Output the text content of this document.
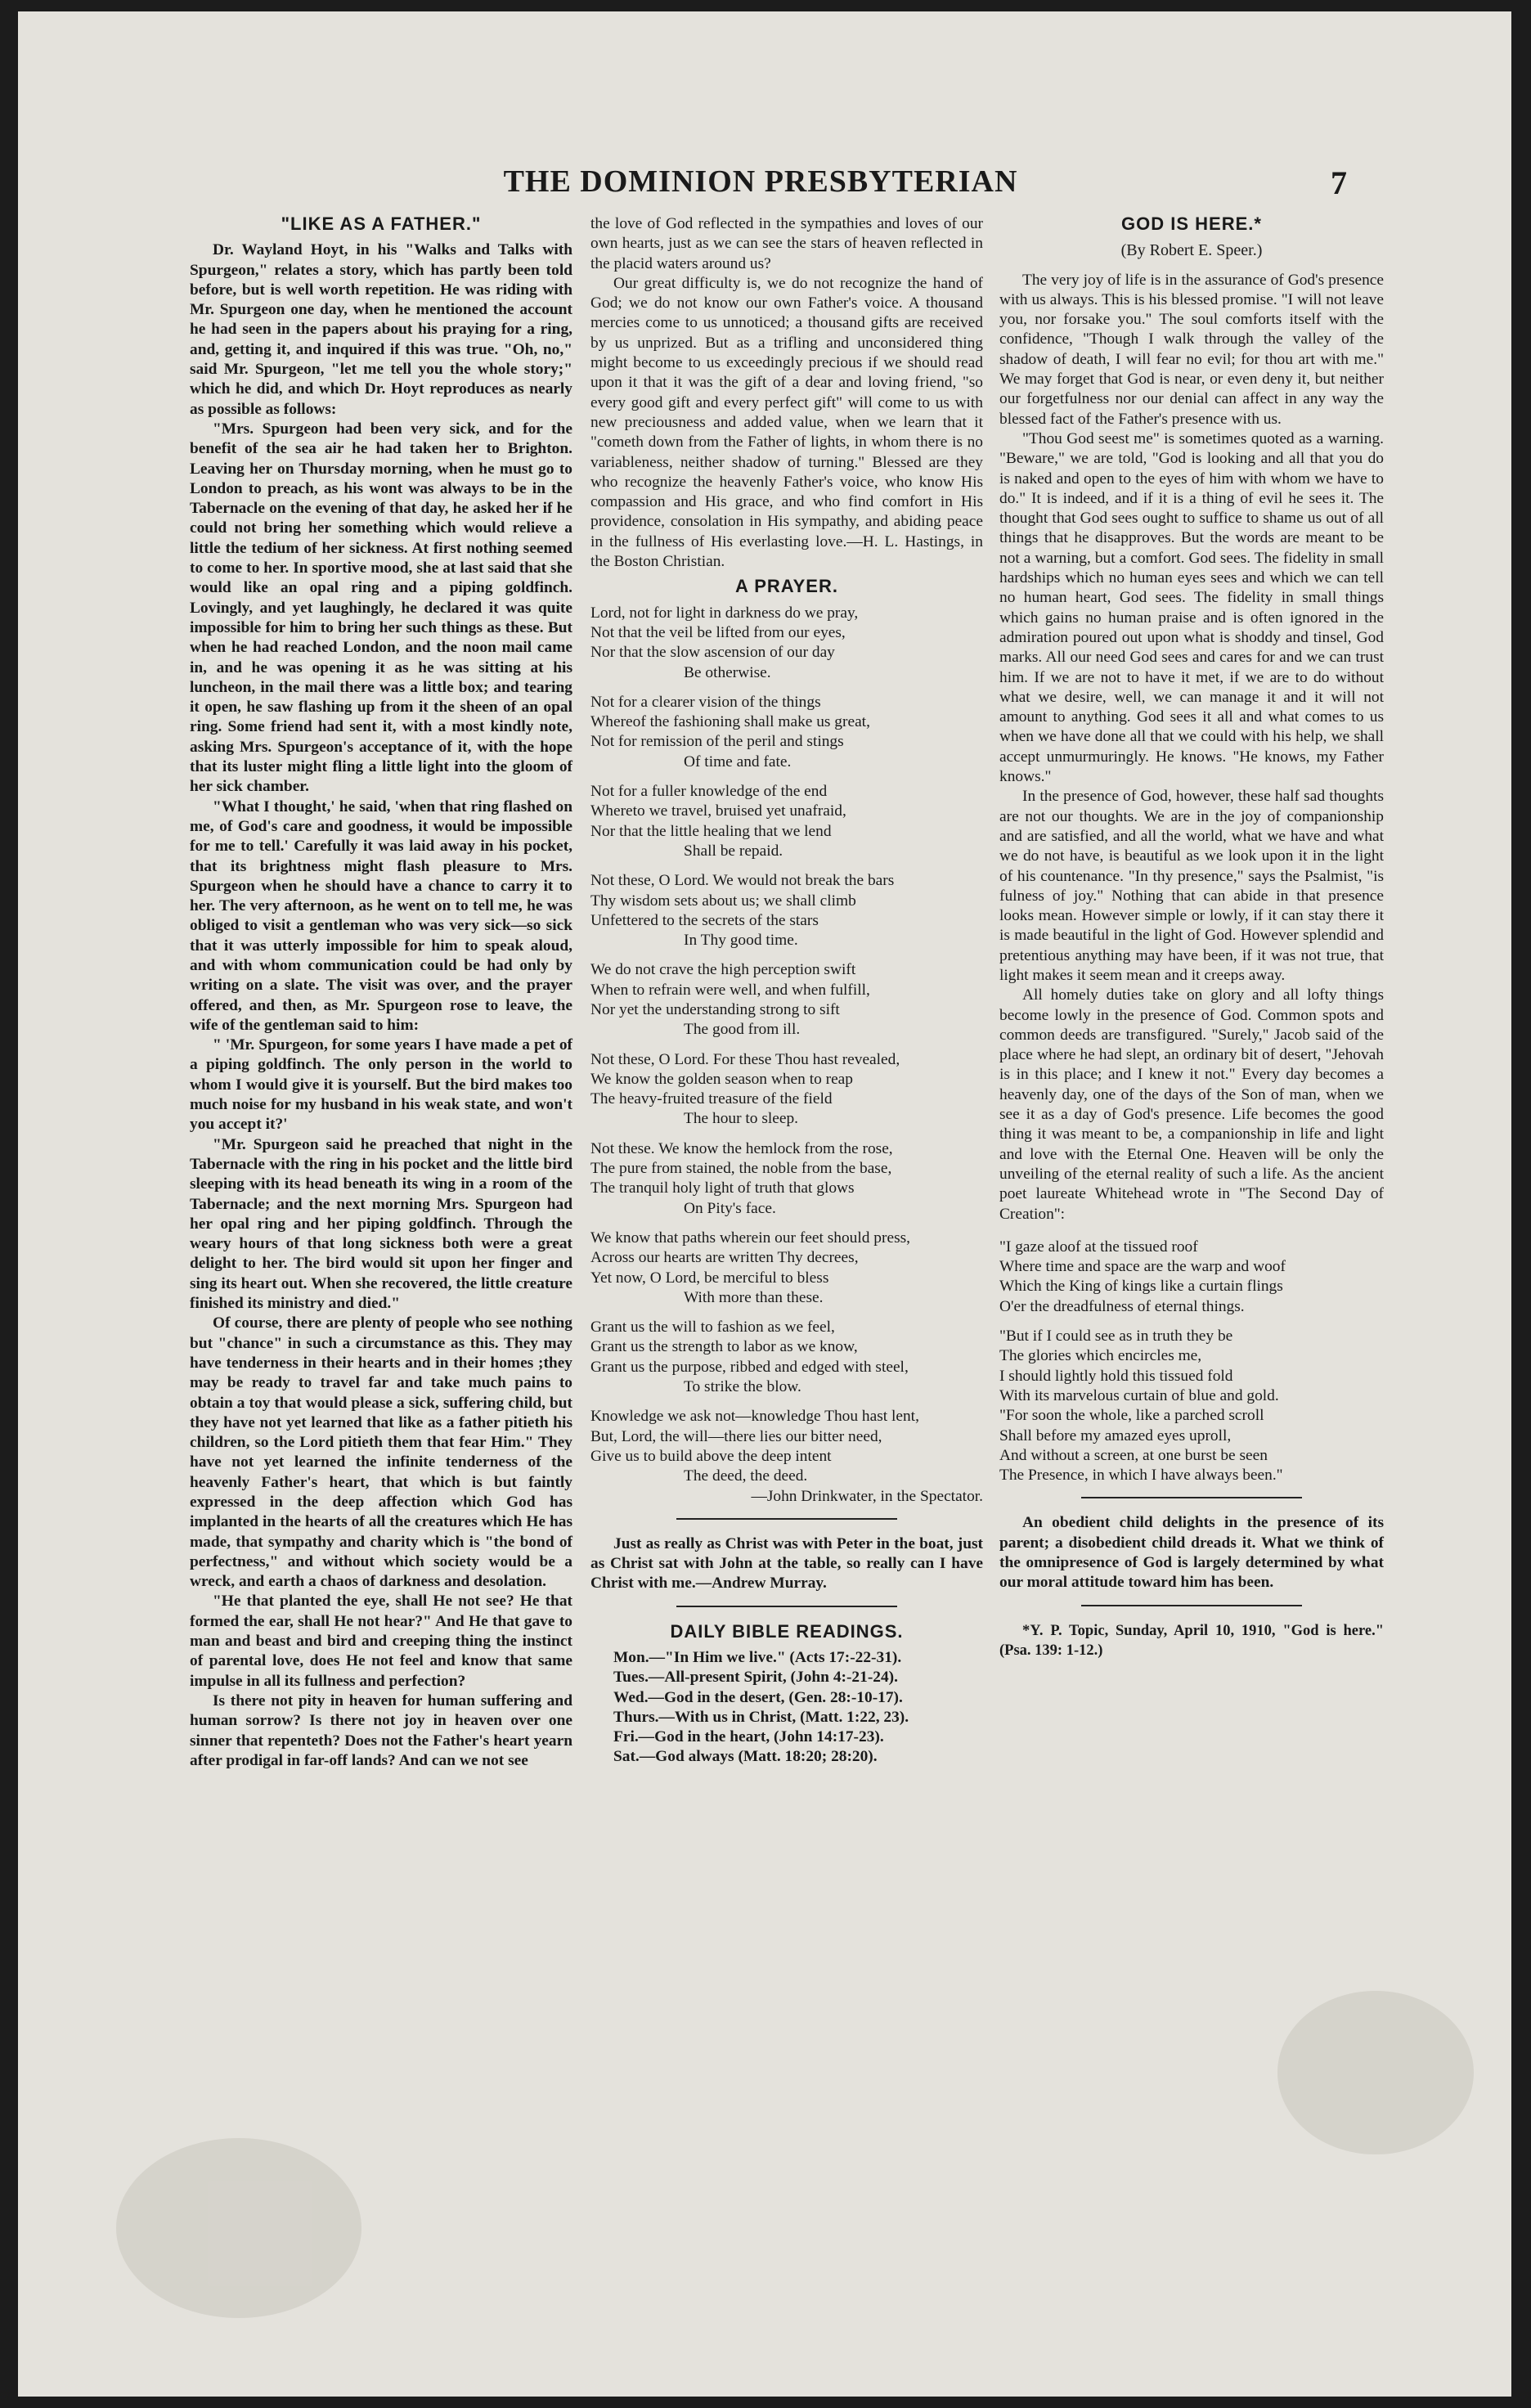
THE DOMINION PRESBYTERIAN	7
"LIKE AS A FATHER."

Dr. Wayland Hoyt, in his "Walks and Talks with Spurgeon," relates a story, which has partly been told before, but is well worth repetition. He was riding with Mr. Spurgeon one day, when he mentioned the account he had seen in the papers about his praying for a ring, and, getting it, and inquired if this was true. "Oh, no," said Mr. Spurgeon, "let me tell you the whole story;" which he did, and which Dr. Hoyt reproduces as nearly as possible as follows:

"Mrs. Spurgeon had been very sick, and for the benefit of the sea air he had taken her to Brighton. Leaving her on Thursday morning, when he must go to London to preach, as his wont was always to be in the Tabernacle on the evening of that day, he asked her if he could not bring her something which would relieve a little the tedium of her sickness. At first nothing seemed to come to her. In sportive mood, she at last said that she would like an opal ring and a piping goldfinch. Lovingly, and yet laughingly, he declared it was quite impossible for him to bring her such things as these. But when he had reached London, and the noon mail came in, and he was opening it as he was sitting at his luncheon, in the mail there was a little box; and tearing it open, he saw flashing up from it the sheen of an opal ring. Some friend had sent it, with a most kindly note, asking Mrs. Spurgeon's acceptance of it, with the hope that its luster might fling a little light into the gloom of her sick chamber.

"What I thought,' he said, 'when that ring flashed on me, of God's care and goodness, it would be impossible for me to tell.' Carefully it was laid away in his pocket, that its brightness might flash pleasure to Mrs. Spurgeon when he should have a chance to carry it to her. The very afternoon, as he went on to tell me, he was obliged to visit a gentleman who was very sick—so sick that it was utterly impossible for him to speak aloud, and with whom communication could be had only by writing on a slate. The visit was over, and the prayer offered, and then, as Mr. Spurgeon rose to leave, the wife of the gentleman said to him:

" 'Mr. Spurgeon, for some years I have made a pet of a piping goldfinch. The only person in the world to whom I would give it is yourself. But the bird makes too much noise for my husband in his weak state, and won't you accept it?'

"Mr. Spurgeon said he preached that night in the Tabernacle with the ring in his pocket and the little bird sleeping with its head beneath its wing in a room of the Tabernacle; and the next morning Mrs. Spurgeon had her opal ring and her piping goldfinch. Through the weary hours of that long sickness both were a great delight to her. The bird would sit upon her finger and sing its heart out. When she recovered, the little creature finished its ministry and died."

Of course, there are plenty of people who see nothing but "chance" in such a circumstance as this. They may have tenderness in their hearts and in their homes ;they may be ready to travel far and take much pains to obtain a toy that would please a sick, suffering child, but they have not yet learned that like as a father pitieth his children, so the Lord pitieth them that fear Him." They have not yet learned the infinite tenderness of the heavenly Father's heart, that which is but faintly expressed in the deep affection which God has implanted in the hearts of all the creatures which He has made, that sympathy and charity which is "the bond of perfectness," and without which society would be a wreck, and earth a chaos of darkness and desolation.

"He that planted the eye, shall He not see? He that formed the ear, shall He not hear?" And He that gave to man and beast and bird and creeping thing the instinct of parental love, does He not feel and know that same impulse in all its fullness and perfection?

Is there not pity in heaven for human suffering and human sorrow? Is there not joy in heaven over one sinner that repenteth? Does not the Father's heart yearn after prodigal in far-off lands? And can we not see

the love of God reflected in the sympathies and loves of our own hearts, just as we can see the stars of heaven reflected in the placid waters around us?

Our great difficulty is, we do not recognize the hand of God; we do not know our own Father's voice. A thousand mercies come to us unnoticed; a thousand gifts are received by us unprized. But as a trifling and unconsidered thing might become to us exceedingly precious if we should read upon it that it was the gift of a dear and loving friend, "so every good gift and every perfect gift" will come to us with new preciousness and added value, when we learn that it "cometh down from the Father of lights, in whom there is no variableness, neither shadow of turning." Blessed are they who recognize the heavenly Father's voice, who know His compassion and His grace, and who find comfort in His providence, consolation in His sympathy, and abiding peace in the fullness of His everlasting love.—H. L. Hastings, in the Boston Christian.

A PRAYER.
Lord, not for light in darkness do we pray,
Not that the veil be lifted from our eyes,
Nor that the slow ascension of our day
Be otherwise.
Not for a clearer vision of the things
Whereof the fashioning shall make us great,
Not for remission of the peril and stings
Of time and fate.
Not for a fuller knowledge of the end
Whereto we travel, bruised yet unafraid,
Nor that the little healing that we lend
Shall be repaid.
Not these, O Lord. We would not break the bars
Thy wisdom sets about us; we shall climb
Unfettered to the secrets of the stars
In Thy good time.
We do not crave the high perception swift
When to refrain were well, and when fulfill,
Nor yet the understanding strong to sift
The good from ill.
Not these, O Lord. For these Thou hast revealed,
We know the golden season when to reap
The heavy-fruited treasure of the field
The hour to sleep.
Not these. We know the hemlock from the rose,
The pure from stained, the noble from the base,
The tranquil holy light of truth that glows
On Pity's face.
We know that paths wherein our feet should press,
Across our hearts are written Thy decrees,
Yet now, O Lord, be merciful to bless
With more than these.
Grant us the will to fashion as we feel,
Grant us the strength to labor as we know,
Grant us the purpose, ribbed and edged with steel,
To strike the blow.
Knowledge we ask not—knowledge Thou hast lent,
But, Lord, the will—there lies our bitter need,
Give us to build above the deep intent
The deed, the deed.
—John Drinkwater, in the Spectator.

Just as really as Christ was with Peter in the boat, just as Christ sat with John at the table, so really can I have Christ with me.—Andrew Murray.

DAILY BIBLE READINGS.

Mon.—"In Him we live." (Acts 17:-22-31).

Tues.—All-present Spirit, (John 4:-21-24).

Wed.—God in the desert, (Gen. 28:-10-17).

Thurs.—With us in Christ, (Matt. 1:22, 23).

Fri.—God in the heart, (John 14:17-23).

Sat.—God always (Matt. 18:20; 28:20).

GOD IS HERE.*
(By Robert E. Speer.)

The very joy of life is in the assurance of God's presence with us always. This is his blessed promise. "I will not leave you, nor forsake you." The soul comforts itself with the confidence, "Though I walk through the valley of the shadow of death, I will fear no evil; for thou art with me." We may forget that God is near, or even deny it, but neither our forgetfulness nor our denial can affect in any way the blessed fact of the Father's presence with us.

"Thou God seest me" is sometimes quoted as a warning. "Beware," we are told, "God is looking and all that you do is naked and open to the eyes of him with whom we have to do." It is indeed, and if it is a thing of evil he sees it. The thought that God sees ought to suffice to shame us out of all things that he disapproves. But the words are meant to be not a warning, but a comfort. God sees. The fidelity in small hardships which no human eyes sees and which we can tell no human heart, God sees. The fidelity in small things which gains no human praise and is often ignored in the admiration poured out upon what is shoddy and tinsel, God marks. All our need God sees and cares for and we can trust him. If we are not to have it met, if we are to do without what we desire, well, we can manage it and it will not amount to anything. God sees it all and what comes to us when we have done all that we could with his help, we shall accept unmurmuringly. He knows. "He knows, my Father knows."

In the presence of God, however, these half sad thoughts are not our thoughts. We are in the joy of companionship and are satisfied, and all the world, what we have and what we do not have, is beautiful as we look upon it in the light of his countenance. "In thy presence," says the Psalmist, "is fulness of joy." Nothing that can abide in that presence looks mean. However simple or lowly, if it can stay there it is made beautiful in the light of God. However splendid and pretentious anything may have been, if it was not true, that light makes it seem mean and it creeps away.

All homely duties take on glory and all lofty things become lowly in the presence of God. Common spots and common deeds are transfigured. "Surely," Jacob said of the place where he had slept, an ordinary bit of desert, "Jehovah is in this place; and I knew it not." Every day becomes a heavenly day, one of the days of the Son of man, when we see it as a day of God's presence. Life becomes the good thing it was meant to be, a companionship in life and light and love with the Eternal One. Heaven will be only the unveiling of the eternal reality of such a life. As the ancient poet laureate Whitehead wrote in "The Second Day of Creation":

"I gaze aloof at the tissued roof
Where time and space are the warp and woof
Which the King of kings like a curtain flings
O'er the dreadfulness of eternal things.
"But if I could see as in truth they be
The glories which encircles me,
I should lightly hold this tissued fold
With its marvelous curtain of blue and gold.
"For soon the whole, like a parched scroll
Shall before my amazed eyes uproll,
And without a screen, at one burst be seen
The Presence, in which I have always been."

An obedient child delights in the presence of its parent; a disobedient child dreads it. What we think of the omnipresence of God is largely determined by what our moral attitude toward him has been.

*Y. P. Topic, Sunday, April 10, 1910, "God is here." (Psa. 139: 1-12.)
